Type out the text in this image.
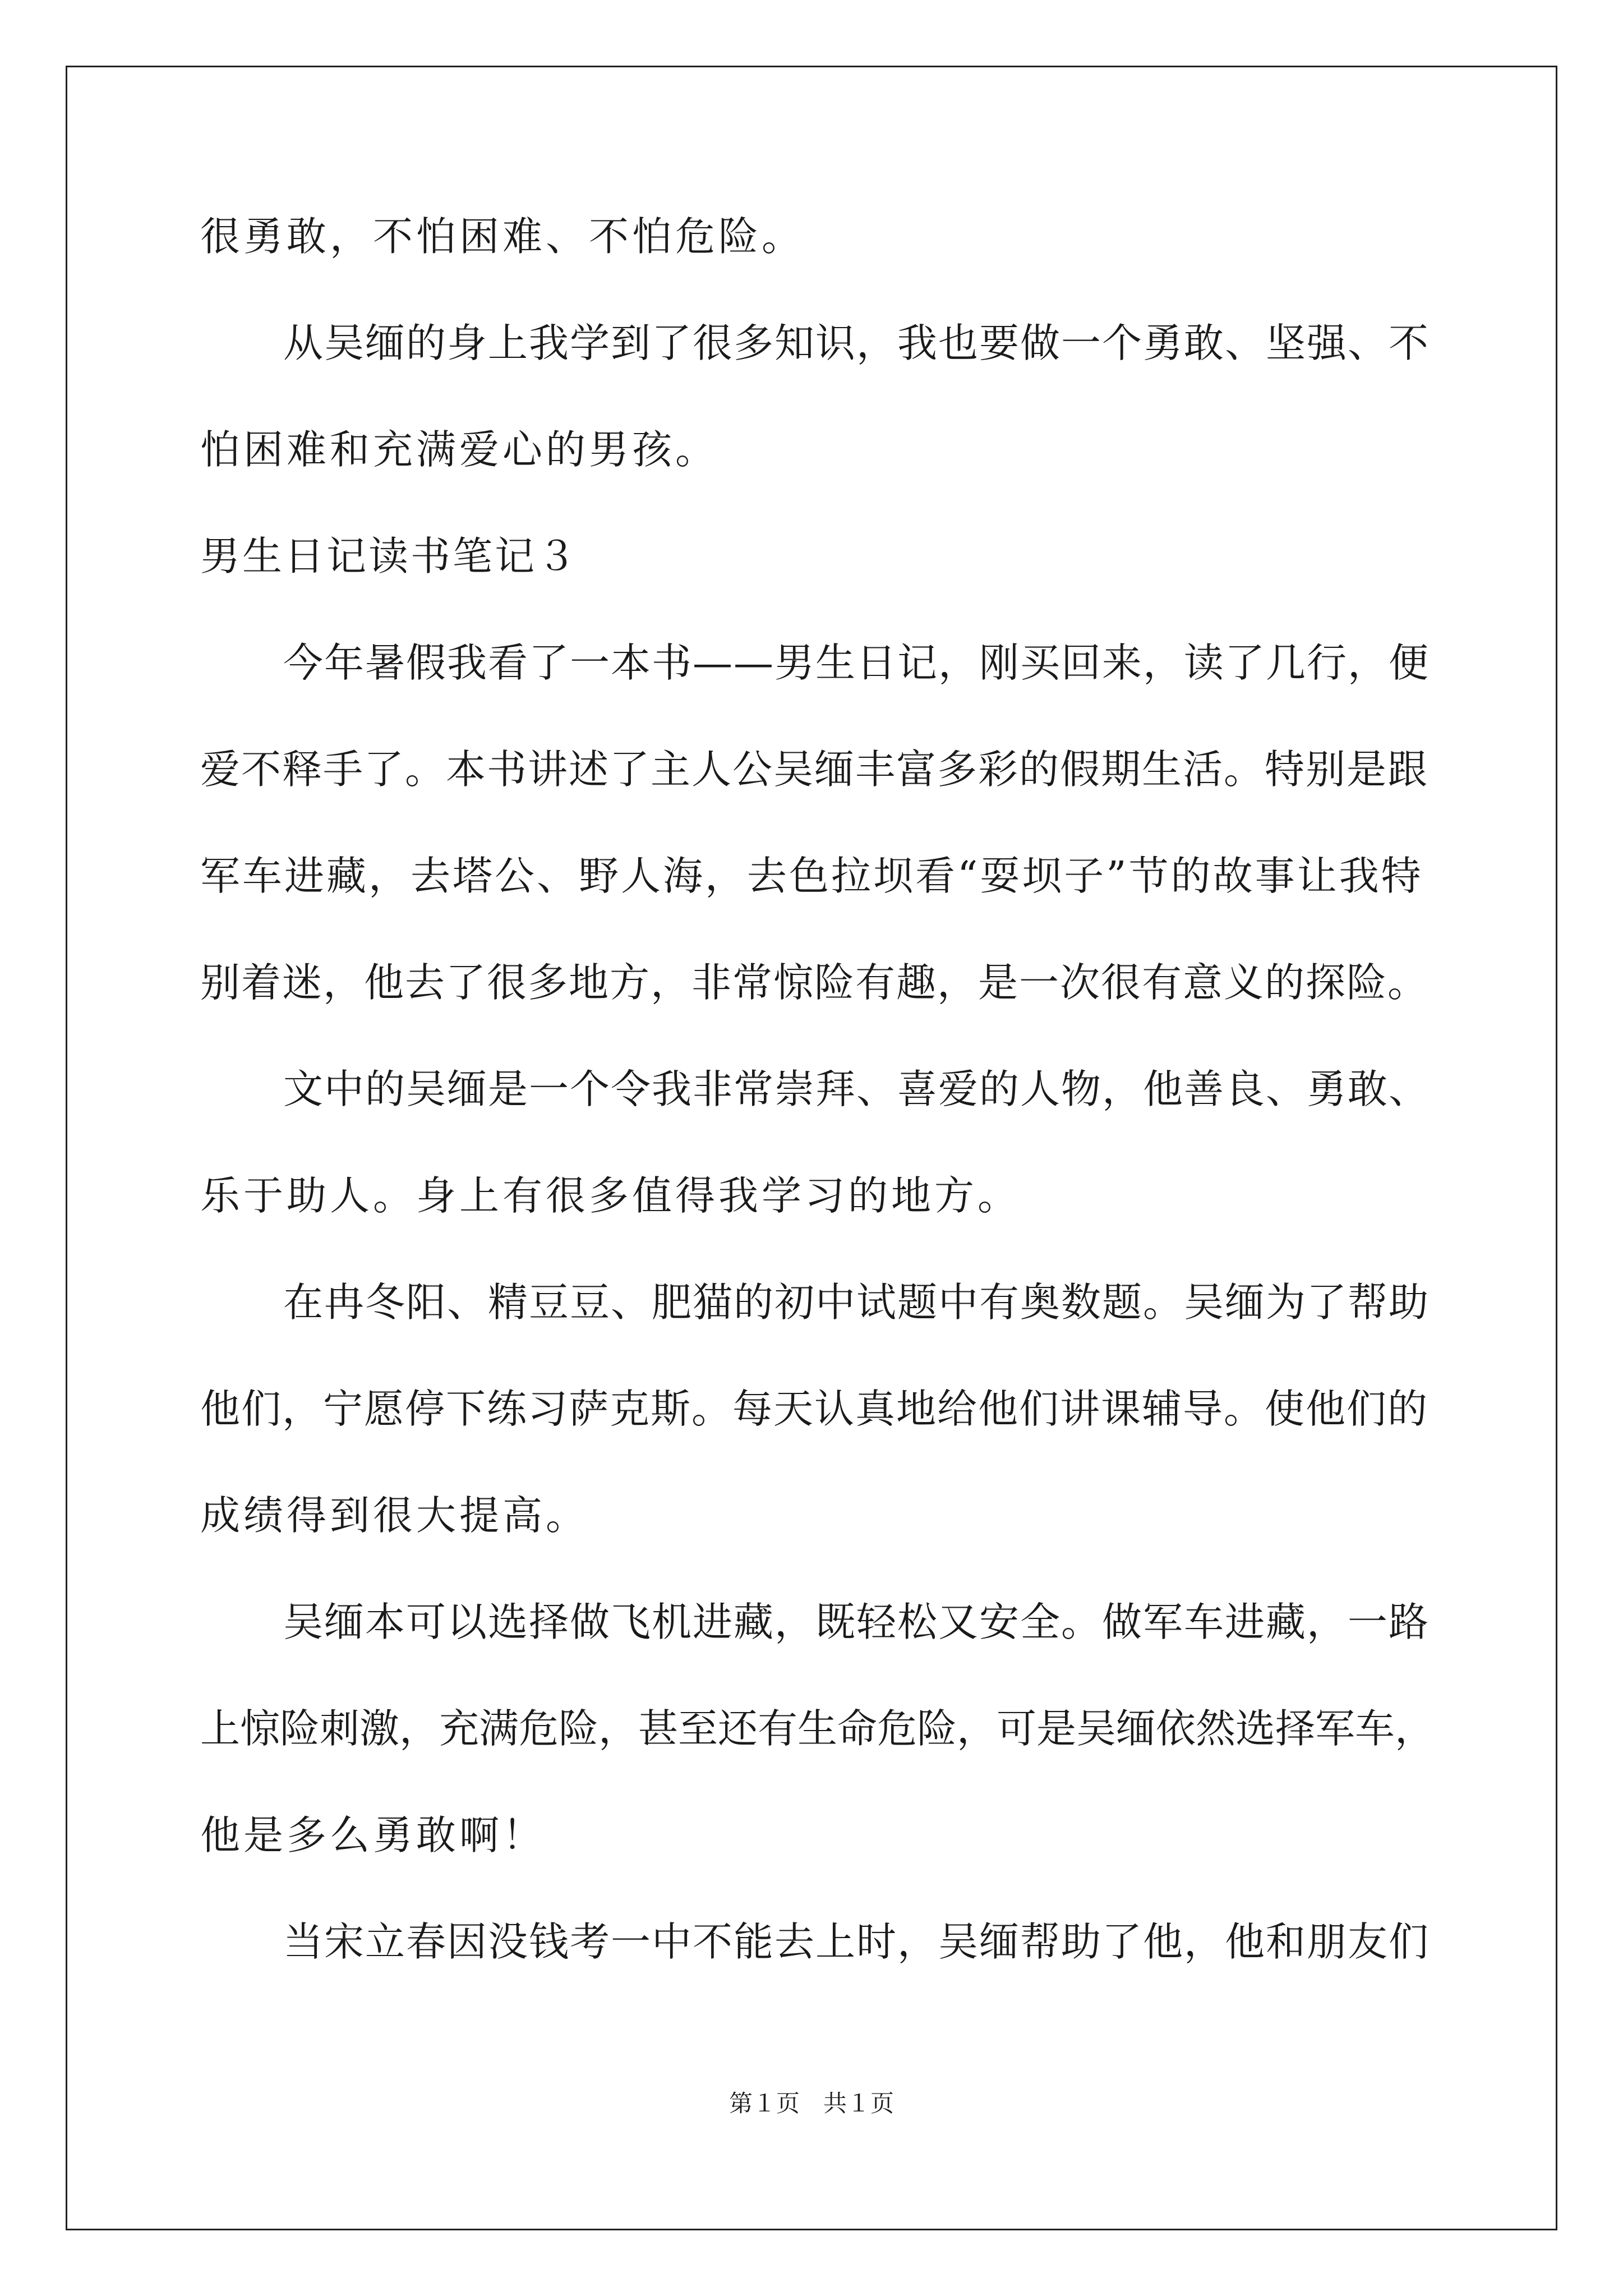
很勇敢，不怕困难、不怕危险。
从吴缅的身上我学到了很多知识，我也要做一个勇敢、坚强、不
怕困难和充满爱心的男孩。
男生日记读书笔记３
今年暑假我看了一本书——男生日记，刚买回来，读了几行，便
爱不释手了。本书讲述了主人公吴缅丰富多彩的假期生活。特别是跟
军车进藏，去塔公、野人海，去色拉坝看“耍坝子”节的故事让我特
别着迷，他去了很多地方，非常惊险有趣，是一次很有意义的探险。
文中的吴缅是一个令我非常崇拜、喜爱的人物，他善良、勇敢、
乐于助人。身上有很多值得我学习的地方。
在冉冬阳、精豆豆、肥猫的初中试题中有奥数题。吴缅为了帮助
他们，宁愿停下练习萨克斯。每天认真地给他们讲课辅导。使他们的
成绩得到很大提高。
吴缅本可以选择做飞机进藏，既轻松又安全。做军车进藏，一路
上惊险刺激，充满危险，甚至还有生命危险，可是吴缅依然选择军车，
他是多么勇敢啊！
当宋立春因没钱考一中不能去上时，吴缅帮助了他，他和朋友们
第１页　共１页
